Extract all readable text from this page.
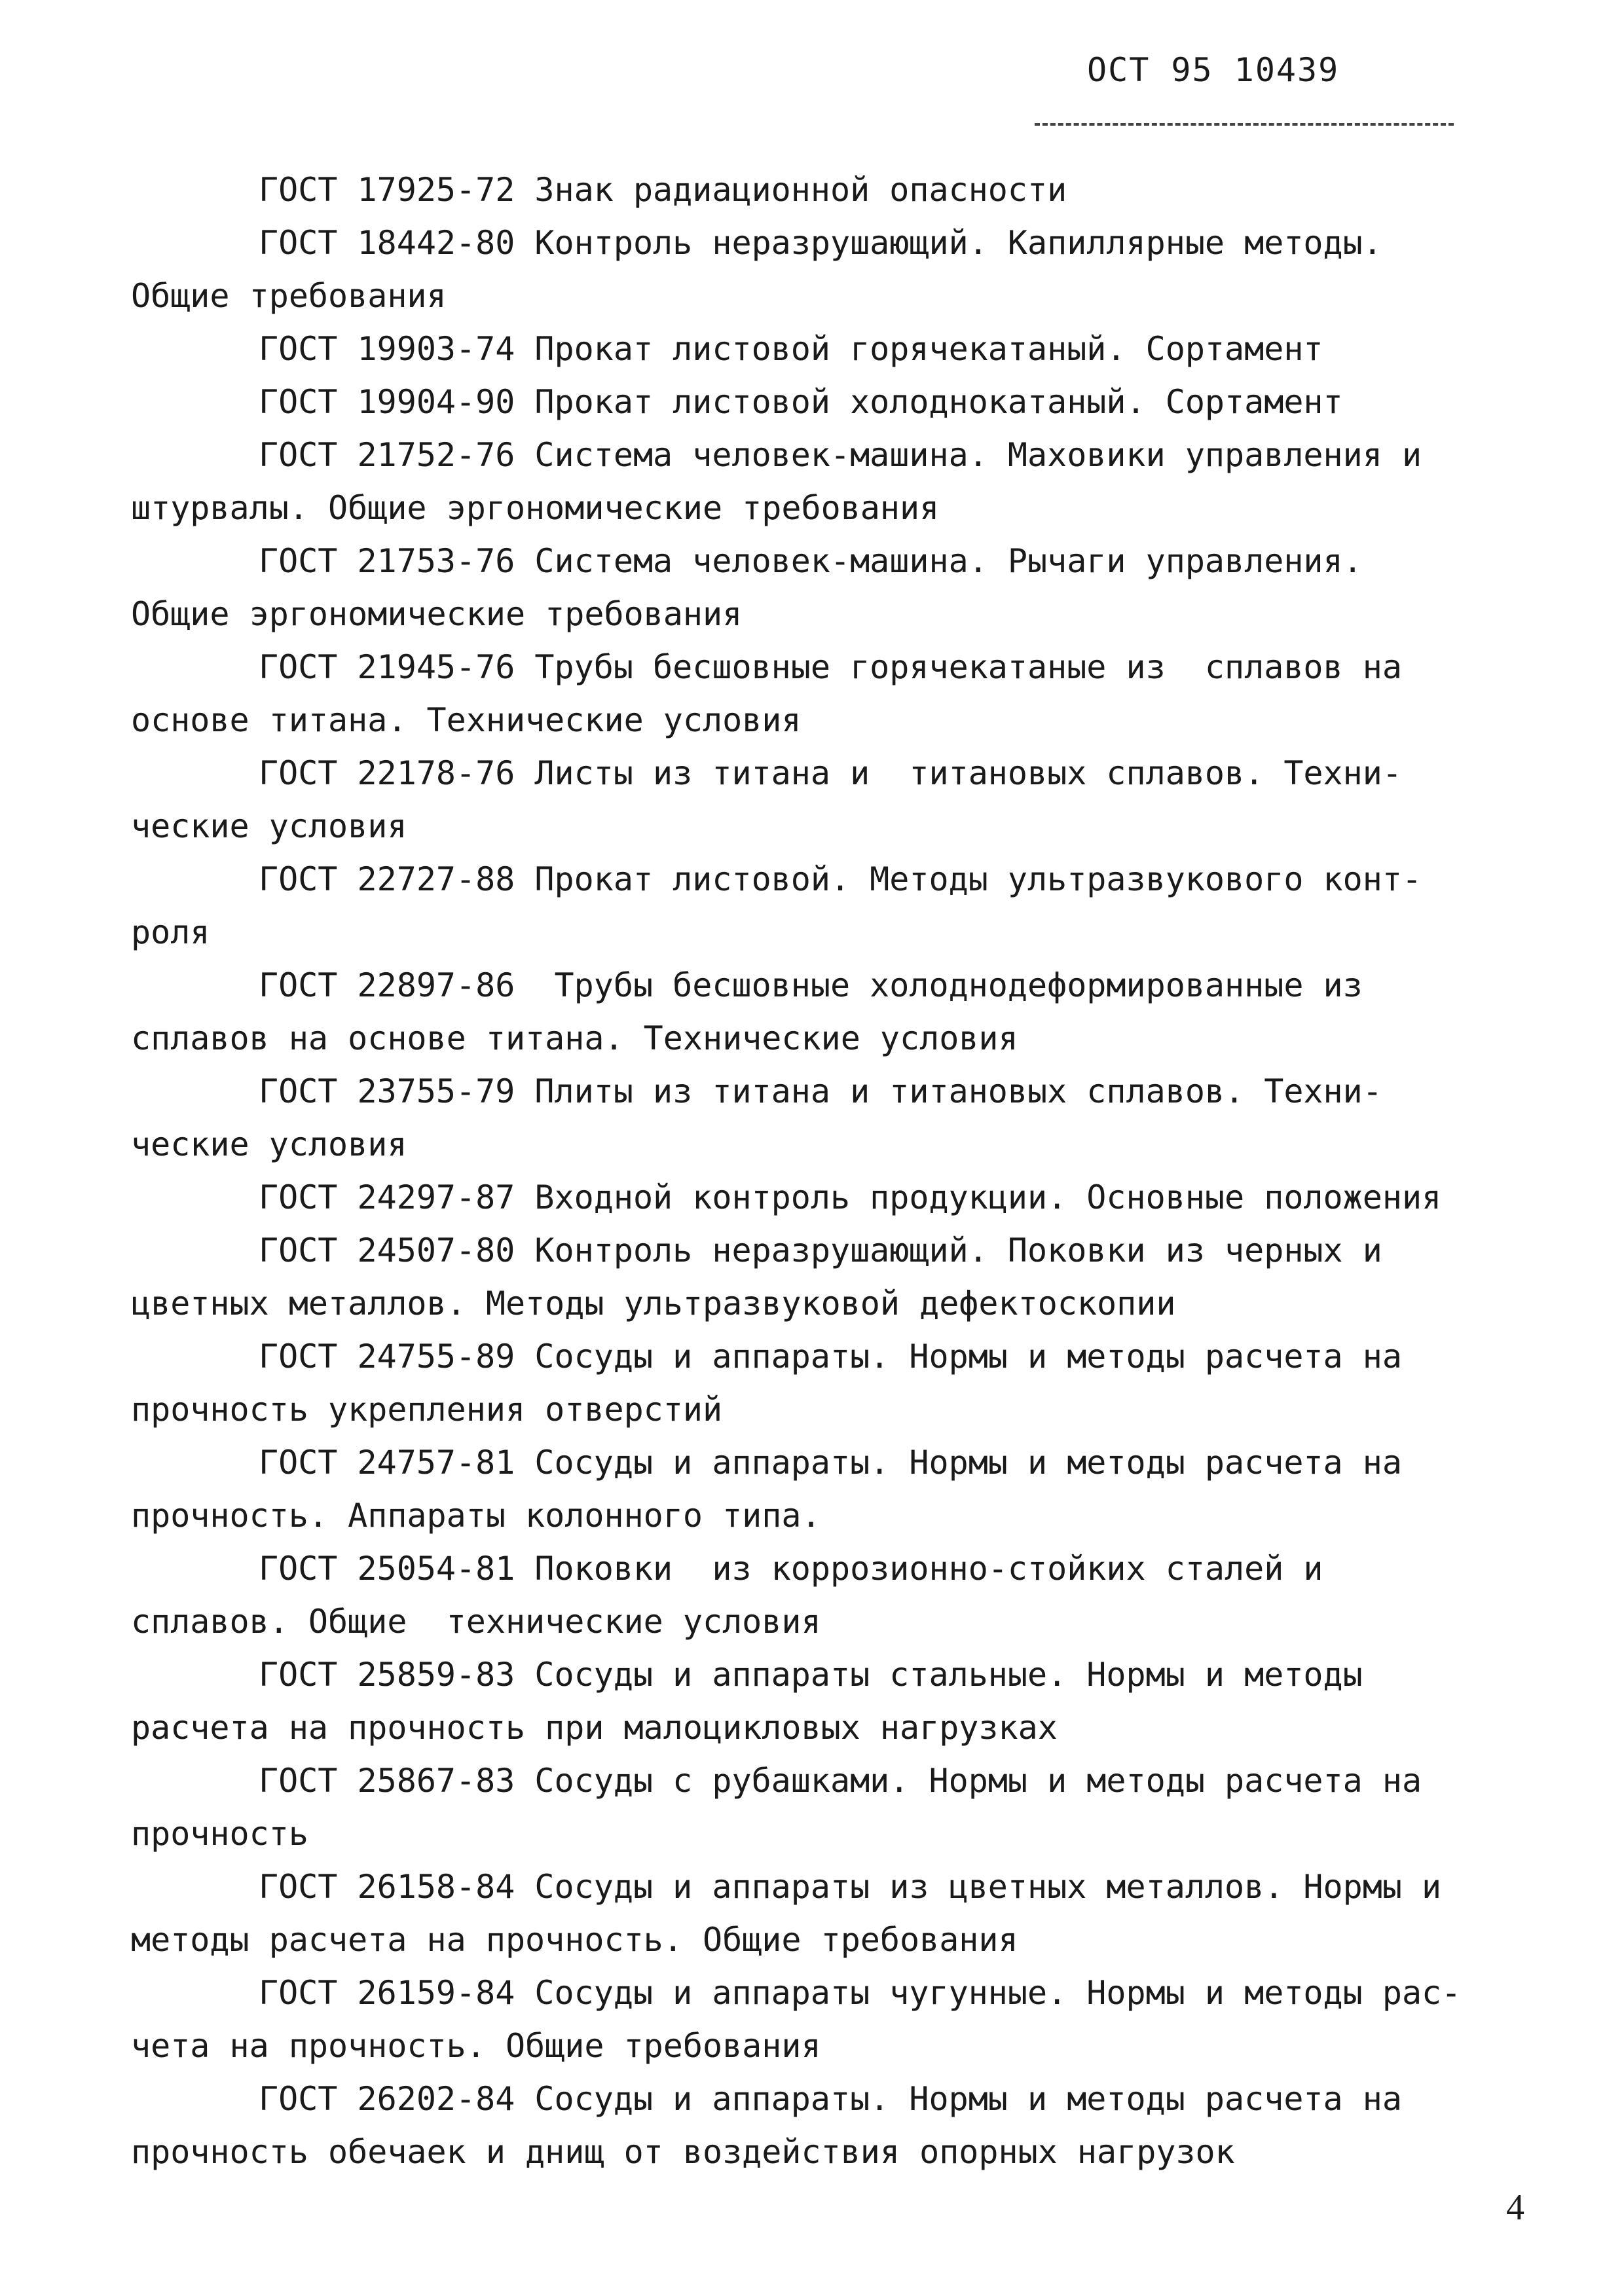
ОСТ 95 10439
ГОСТ 17925-72 Знак радиационной опасности
ГОСТ 18442-80 Контроль неразрушающий. Капиллярные методы.
Общие требования
ГОСТ 19903-74 Прокат листовой горячекатаный. Сортамент
ГОСТ 19904-90 Прокат листовой холоднокатаный. Сортамент
ГОСТ 21752-76 Система человек-машина. Маховики управления и
штурвалы. Общие эргономические требования
ГОСТ 21753-76 Система человек-машина. Рычаги управления.
Общие эргономические требования
ГОСТ 21945-76 Трубы бесшовные горячекатаные из  сплавов на
основе титана. Технические условия
ГОСТ 22178-76 Листы из титана и  титановых сплавов. Техни-
ческие условия
ГОСТ 22727-88 Прокат листовой. Методы ультразвукового конт-
роля
ГОСТ 22897-86  Трубы бесшовные холоднодеформированные из
сплавов на основе титана. Технические условия
ГОСТ 23755-79 Плиты из титана и титановых сплавов. Техни-
ческие условия
ГОСТ 24297-87 Входной контроль продукции. Основные положения
ГОСТ 24507-80 Контроль неразрушающий. Поковки из черных и
цветных металлов. Методы ультразвуковой дефектоскопии
ГОСТ 24755-89 Сосуды и аппараты. Нормы и методы расчета на
прочность укрепления отверстий
ГОСТ 24757-81 Сосуды и аппараты. Нормы и методы расчета на
прочность. Аппараты колонного типа.
ГОСТ 25054-81 Поковки  из коррозионно-стойких сталей и
сплавов. Общие  технические условия
ГОСТ 25859-83 Сосуды и аппараты стальные. Нормы и методы
расчета на прочность при малоцикловых нагрузках
ГОСТ 25867-83 Сосуды с рубашками. Нормы и методы расчета на
прочность
ГОСТ 26158-84 Сосуды и аппараты из цветных металлов. Нормы и
методы расчета на прочность. Общие требования
ГОСТ 26159-84 Сосуды и аппараты чугунные. Нормы и методы рас-
чета на прочность. Общие требования
ГОСТ 26202-84 Сосуды и аппараты. Нормы и методы расчета на
прочность обечаек и днищ от воздействия опорных нагрузок
4
